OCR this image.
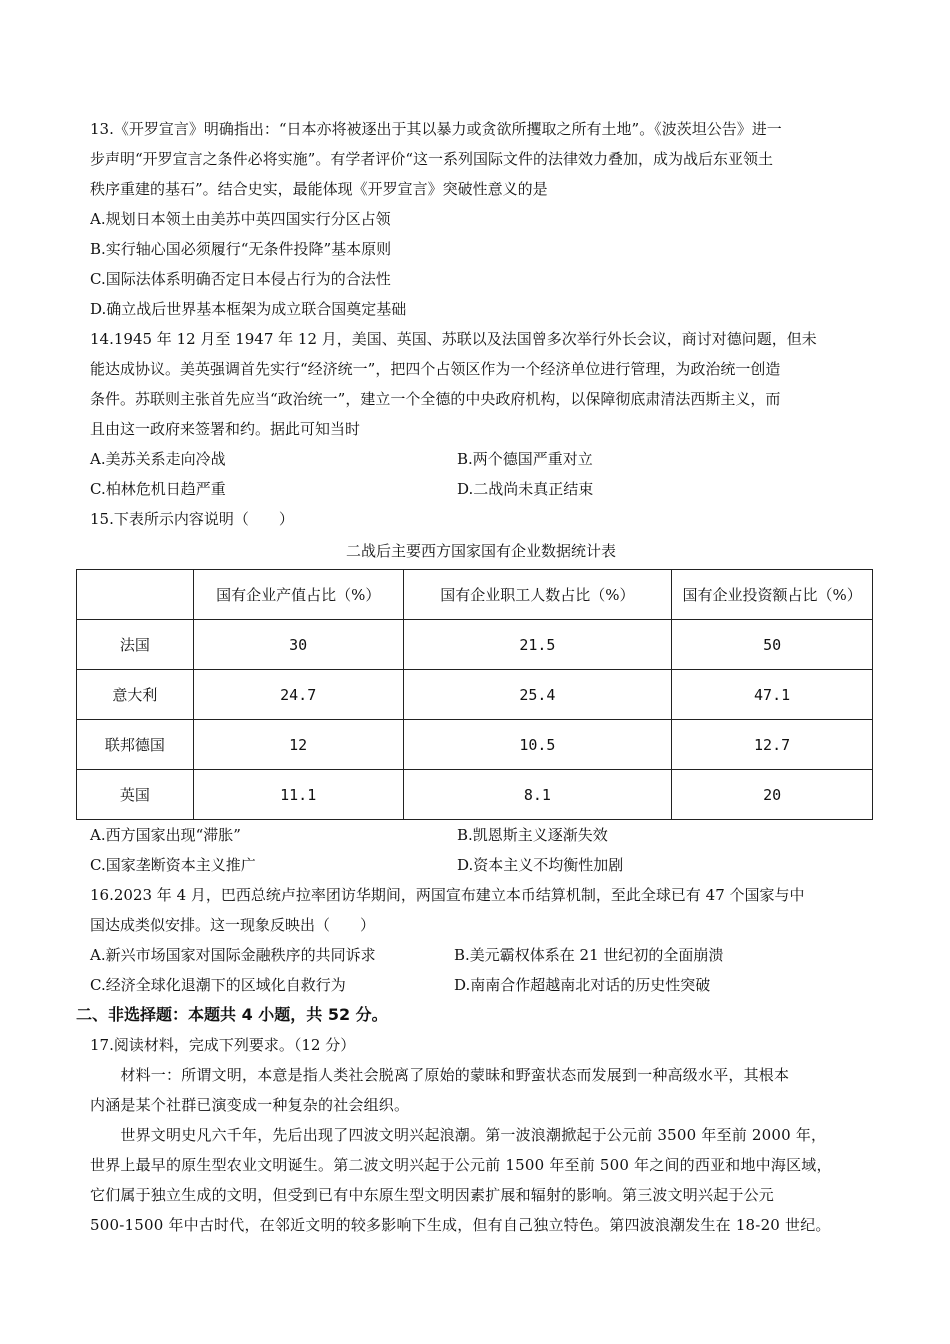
13.《开罗宣言》明确指出：“日本亦将被逐出于其以暴力或贪欲所攫取之所有土地”。《波茨坦公告》进一
步声明“开罗宣言之条件必将实施”。有学者评价“这一系列国际文件的法律效力叠加，成为战后东亚领土
秩序重建的基石”。结合史实，最能体现《开罗宣言》突破性意义的是
A.规划日本领土由美苏中英四国实行分区占领
B.实行轴心国必须履行“无条件投降”基本原则
C.国际法体系明确否定日本侵占行为的合法性
D.确立战后世界基本框架为成立联合国奠定基础
14.1945 年 12 月至 1947 年 12 月，美国、英国、苏联以及法国曾多次举行外长会议，商讨对德问题，但未
能达成协议。美英强调首先实行“经济统一”，把四个占领区作为一个经济单位进行管理，为政治统一创造
条件。苏联则主张首先应当“政治统一”，建立一个全德的中央政府机构，以保障彻底肃清法西斯主义，而
且由这一政府来签署和约。据此可知当时
A.美苏关系走向冷战	B.两个德国严重对立
C.柏林危机日趋严重	D.二战尚未真正结束
15.下表所示内容说明（　　）
二战后主要西方国家国有企业数据统计表
	国有企业产值占比（%）	国有企业职工人数占比（%）	国有企业投资额占比（%）
法国	30	21.5	50
意大利	24.7	25.4	47.1
联邦德国	12	10.5	12.7
英国	11.1	8.1	20
A.西方国家出现“滞胀”	B.凯恩斯主义逐渐失效
C.国家垄断资本主义推广	D.资本主义不均衡性加剧
16.2023 年 4 月，巴西总统卢拉率团访华期间，两国宣布建立本币结算机制，至此全球已有 47 个国家与中
国达成类似安排。这一现象反映出（　　）
A.新兴市场国家对国际金融秩序的共同诉求	B.美元霸权体系在 21 世纪初的全面崩溃
C.经济全球化退潮下的区域化自救行为	D.南南合作超越南北对话的历史性突破
二、非选择题：本题共 4 小题，共 52 分。
17.阅读材料，完成下列要求。（12 分）
　　材料一：所谓文明，本意是指人类社会脱离了原始的蒙昧和野蛮状态而发展到一种高级水平，其根本
内涵是某个社群已演变成一种复杂的社会组织。
　　世界文明史凡六千年，先后出现了四波文明兴起浪潮。第一波浪潮掀起于公元前 3500 年至前 2000 年，
世界上最早的原生型农业文明诞生。第二波文明兴起于公元前 1500 年至前 500 年之间的西亚和地中海区域，
它们属于独立生成的文明，但受到已有中东原生型文明因素扩展和辐射的影响。第三波文明兴起于公元
500-1500 年中古时代，在邻近文明的较多影响下生成，但有自己独立特色。第四波浪潮发生在 18-20 世纪。
